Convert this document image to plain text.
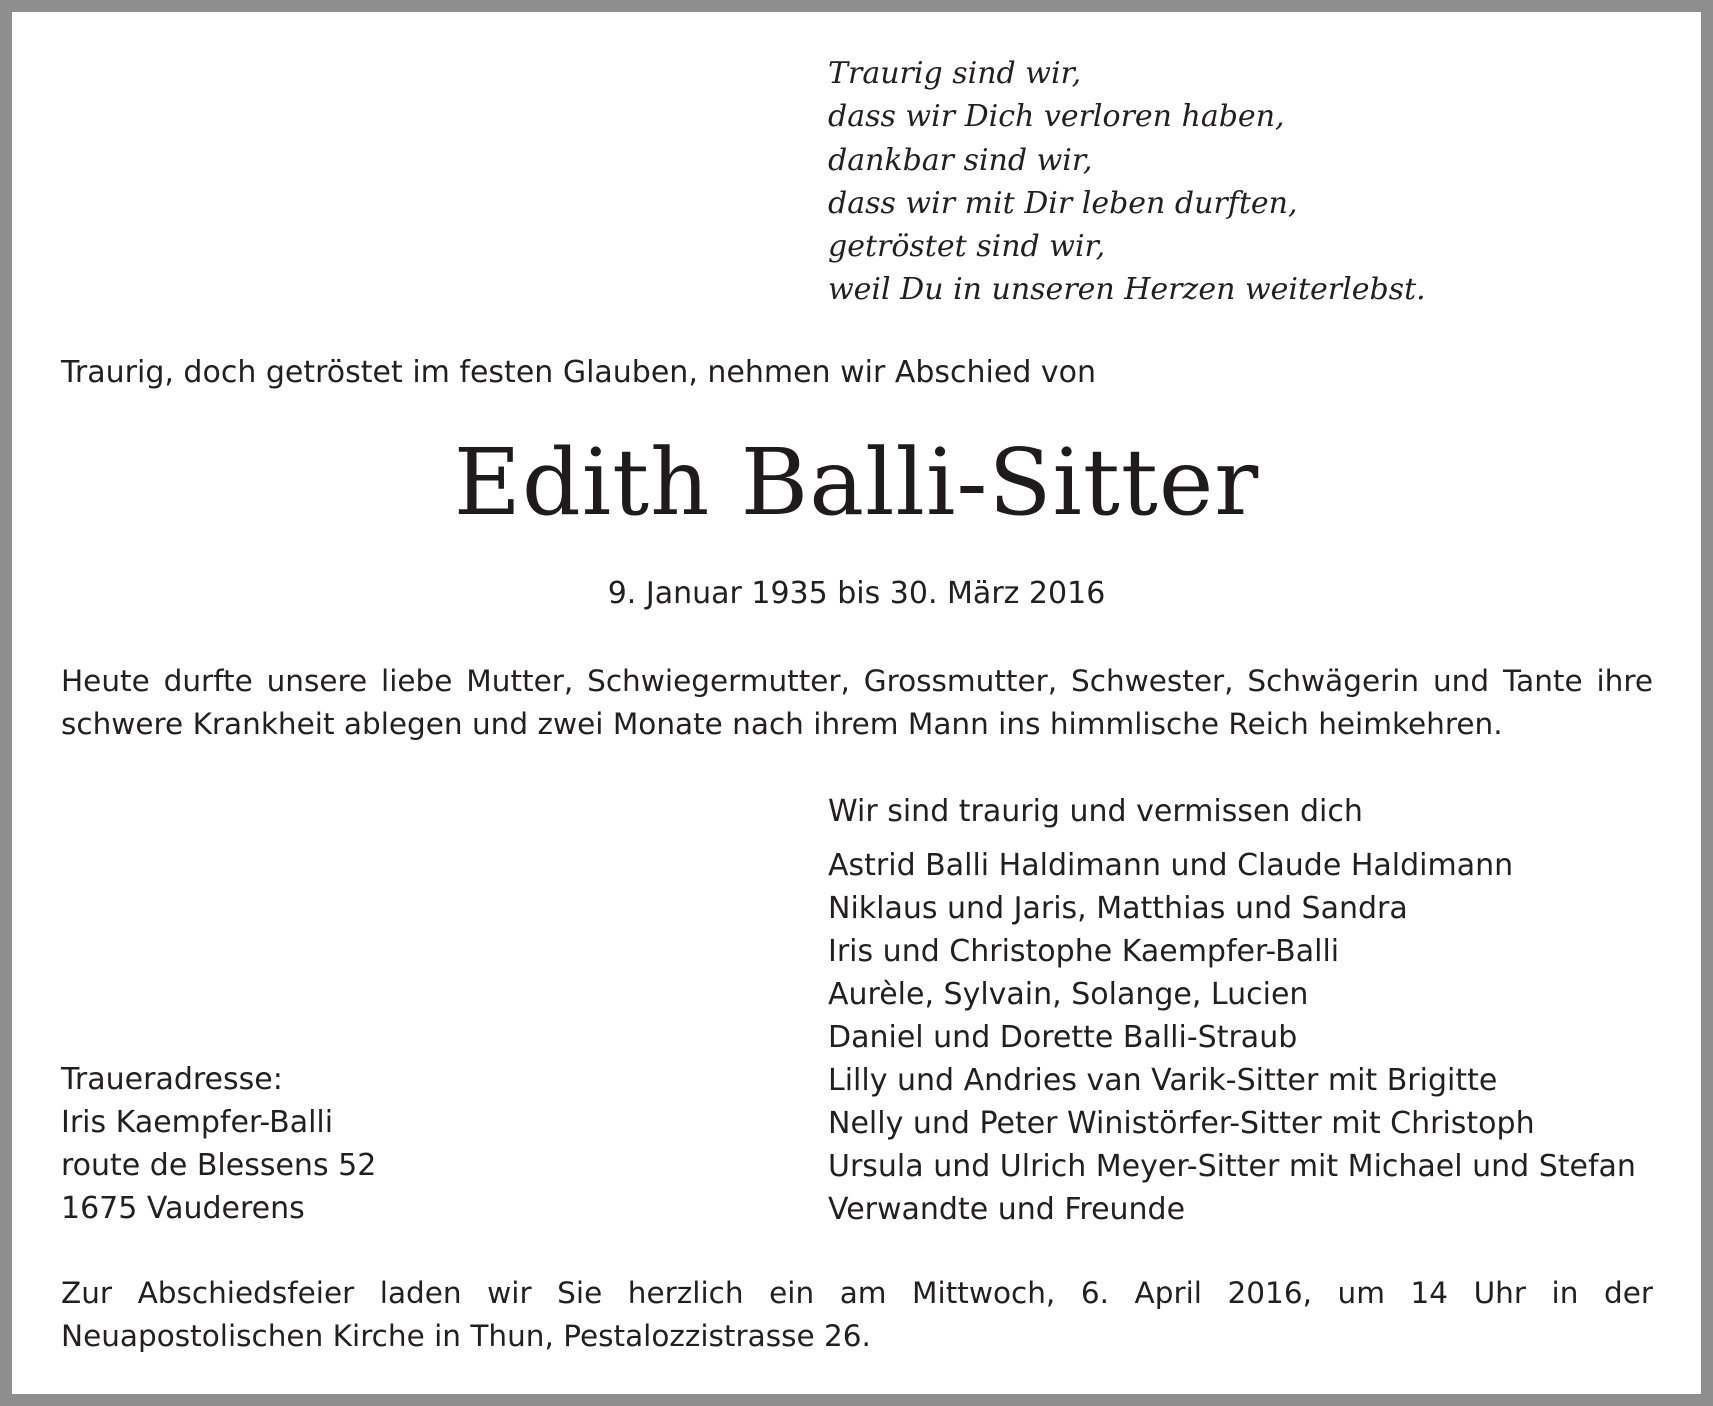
Traurig sind wir,
dass wir Dich verloren haben,
dankbar sind wir,
dass wir mit Dir leben durften,
getröstet sind wir,
weil Du in unseren Herzen weiterlebst.
Traurig, doch getröstet im festen Glauben, nehmen wir Abschied von
Edith Balli-Sitter
9. Januar 1935 bis 30. März 2016
Heute durfte unsere liebe Mutter, Schwiegermutter, Grossmutter, Schwester, Schwägerin und Tante ihre schwere Krankheit ablegen und zwei Monate nach ihrem Mann ins himmlische Reich heimkehren.
Wir sind traurig und vermissen dich
Astrid Balli Haldimann und Claude Haldimann
Niklaus und Jaris, Matthias und Sandra
Iris und Christophe Kaempfer-Balli
Aurèle, Sylvain, Solange, Lucien
Daniel und Dorette Balli-Straub
Lilly und Andries van Varik-Sitter mit Brigitte
Nelly und Peter Winistörfer-Sitter mit Christoph
Ursula und Ulrich Meyer-Sitter mit Michael und Stefan
Verwandte und Freunde
Traueradresse:
Iris Kaempfer-Balli
route de Blessens 52
1675 Vauderens
Zur Abschiedsfeier laden wir Sie herzlich ein am Mittwoch, 6. April 2016, um 14 Uhr in der Neuapostolischen Kirche in Thun, Pestalozzistrasse 26.
